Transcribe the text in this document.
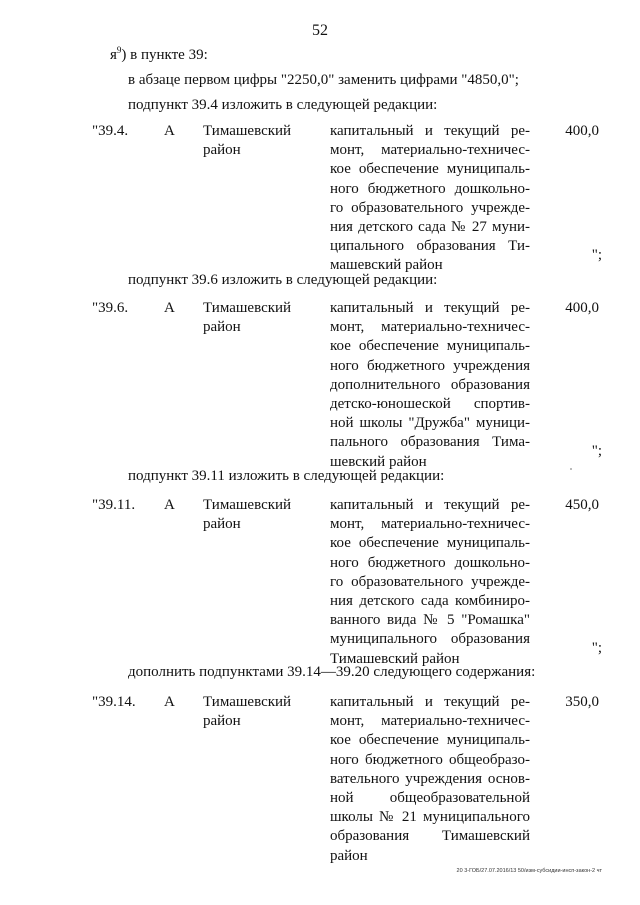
52
$я^9$) в пункте 39:
в абзаце первом цифры "2250,0" заменить цифрами "4850,0";
подпункт 39.4 изложить в следующей редакции:
"39.4. А Тимашевский
район
капитальный и текущий ре-
монт, материально-техничес-
кое обеспечение муниципаль-
ного бюджетного дошкольно-
го образовательного учрежде-
ния детского сада № 27 муни-
ципального образования Ти-
машевский район
400,0
";
подпункт 39.6 изложить в следующей редакции:
"39.6. А Тимашевский
район
капитальный и текущий ре-
монт, материально-техничес-
кое обеспечение муниципаль-
ного бюджетного учреждения
дополнительного образования
детско-юношеской спортив-
ной школы "Дружба" муници-
пального образования Тима-
шевский район
400,0
";
подпункт 39.11 изложить в следующей редакции:
"39.11. А Тимашевский
район
капитальный и текущий ре-
монт, материально-техничес-
кое обеспечение муниципаль-
ного бюджетного дошкольно-
го образовательного учрежде-
ния детского сада комбиниро-
ванного вида № 5 "Ромашка"
муниципального образования
Тимашевский район
450,0
";
дополнить подпунктами 39.14—39.20 следующего содержания:
"39.14. А Тимашевский
район
капитальный и текущий ре-
монт, материально-техничес-
кое обеспечение муниципаль-
ного бюджетного общеобразо-
вательного учреждения основ-
ной общеобразовательной
школы № 21 муниципального
образования Тимашевский
район
350,0
20 3-ГОБ/27.07.2016/13 50/изм-субсидии-инсп-закон-2 чт
